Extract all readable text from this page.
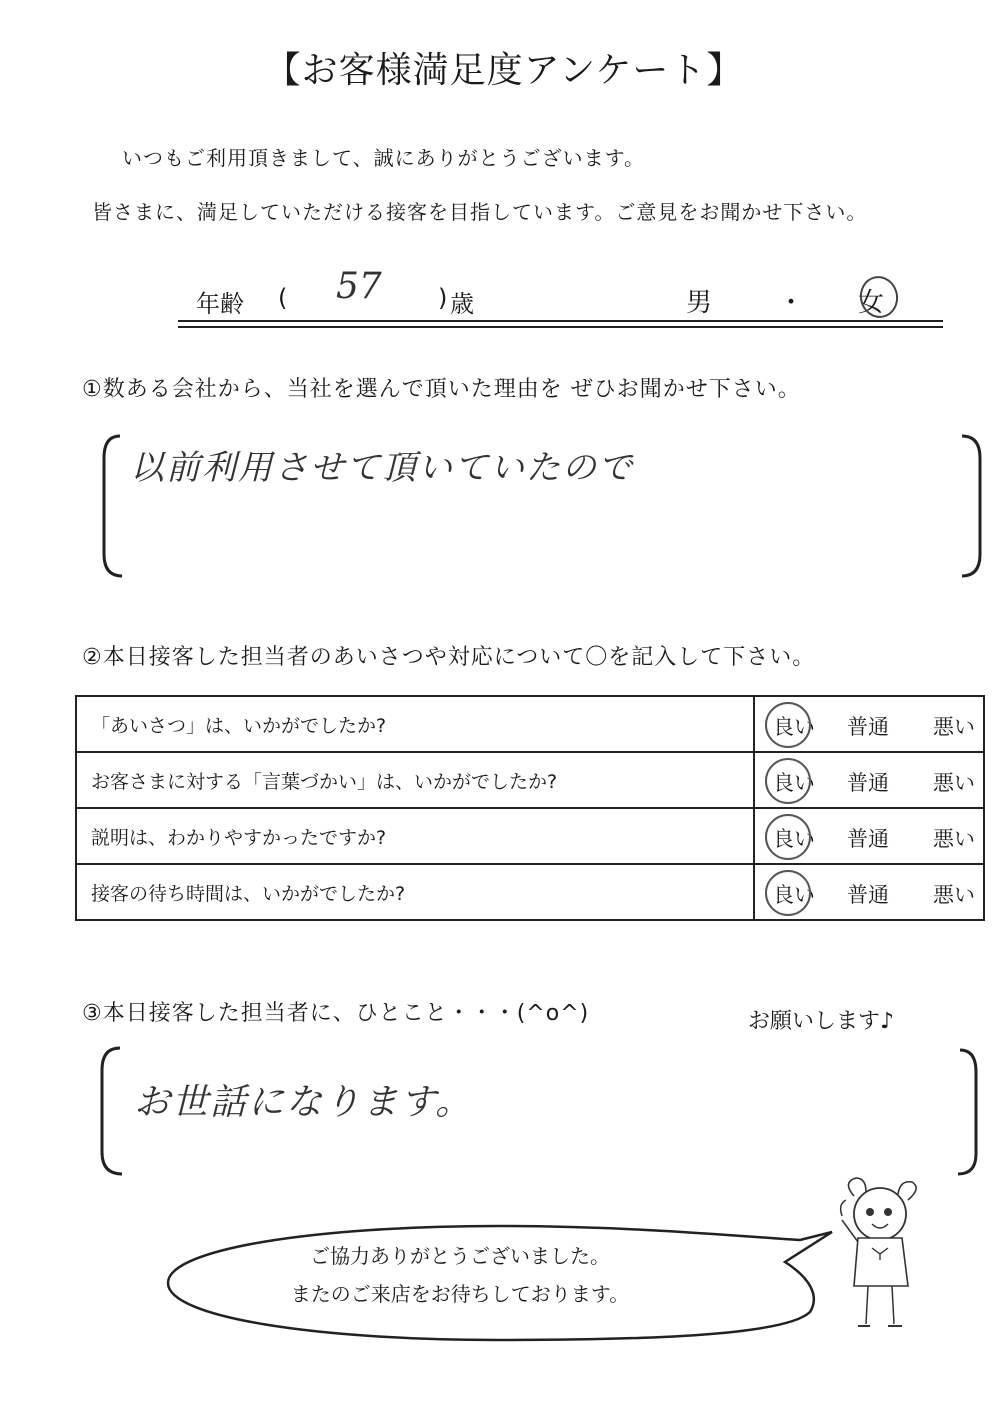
【お客様満足度アンケート】
いつもご利用頂きまして、誠にありがとうございます。
皆さまに、満足していただける接客を目指しています。ご意見をお聞かせ下さい。
年齢 ( 57 ) 歳	男	・ 女
①数ある会社から、当社を選んで頂いた理由を ぜひお聞かせ下さい。
以前利用させて頂いていたので
②本日接客した担当者のあいさつや対応について〇を記入して下さい。
「あいさつ」は、いかがでしたか?	良い 普通 悪い

お客さまに対する「言葉づかい」は、いかがでしたか?	良い 普通 悪い

説明は、わかりやすかったですか?	良い 普通 悪い

接客の待ち時間は、いかがでしたか?	良い 普通 悪い
③本日接客した担当者に、ひとこと・・・(^o^)	お願いします♪
お世話になります。
ご協力ありがとうございました。
またのご来店をお待ちしております。
